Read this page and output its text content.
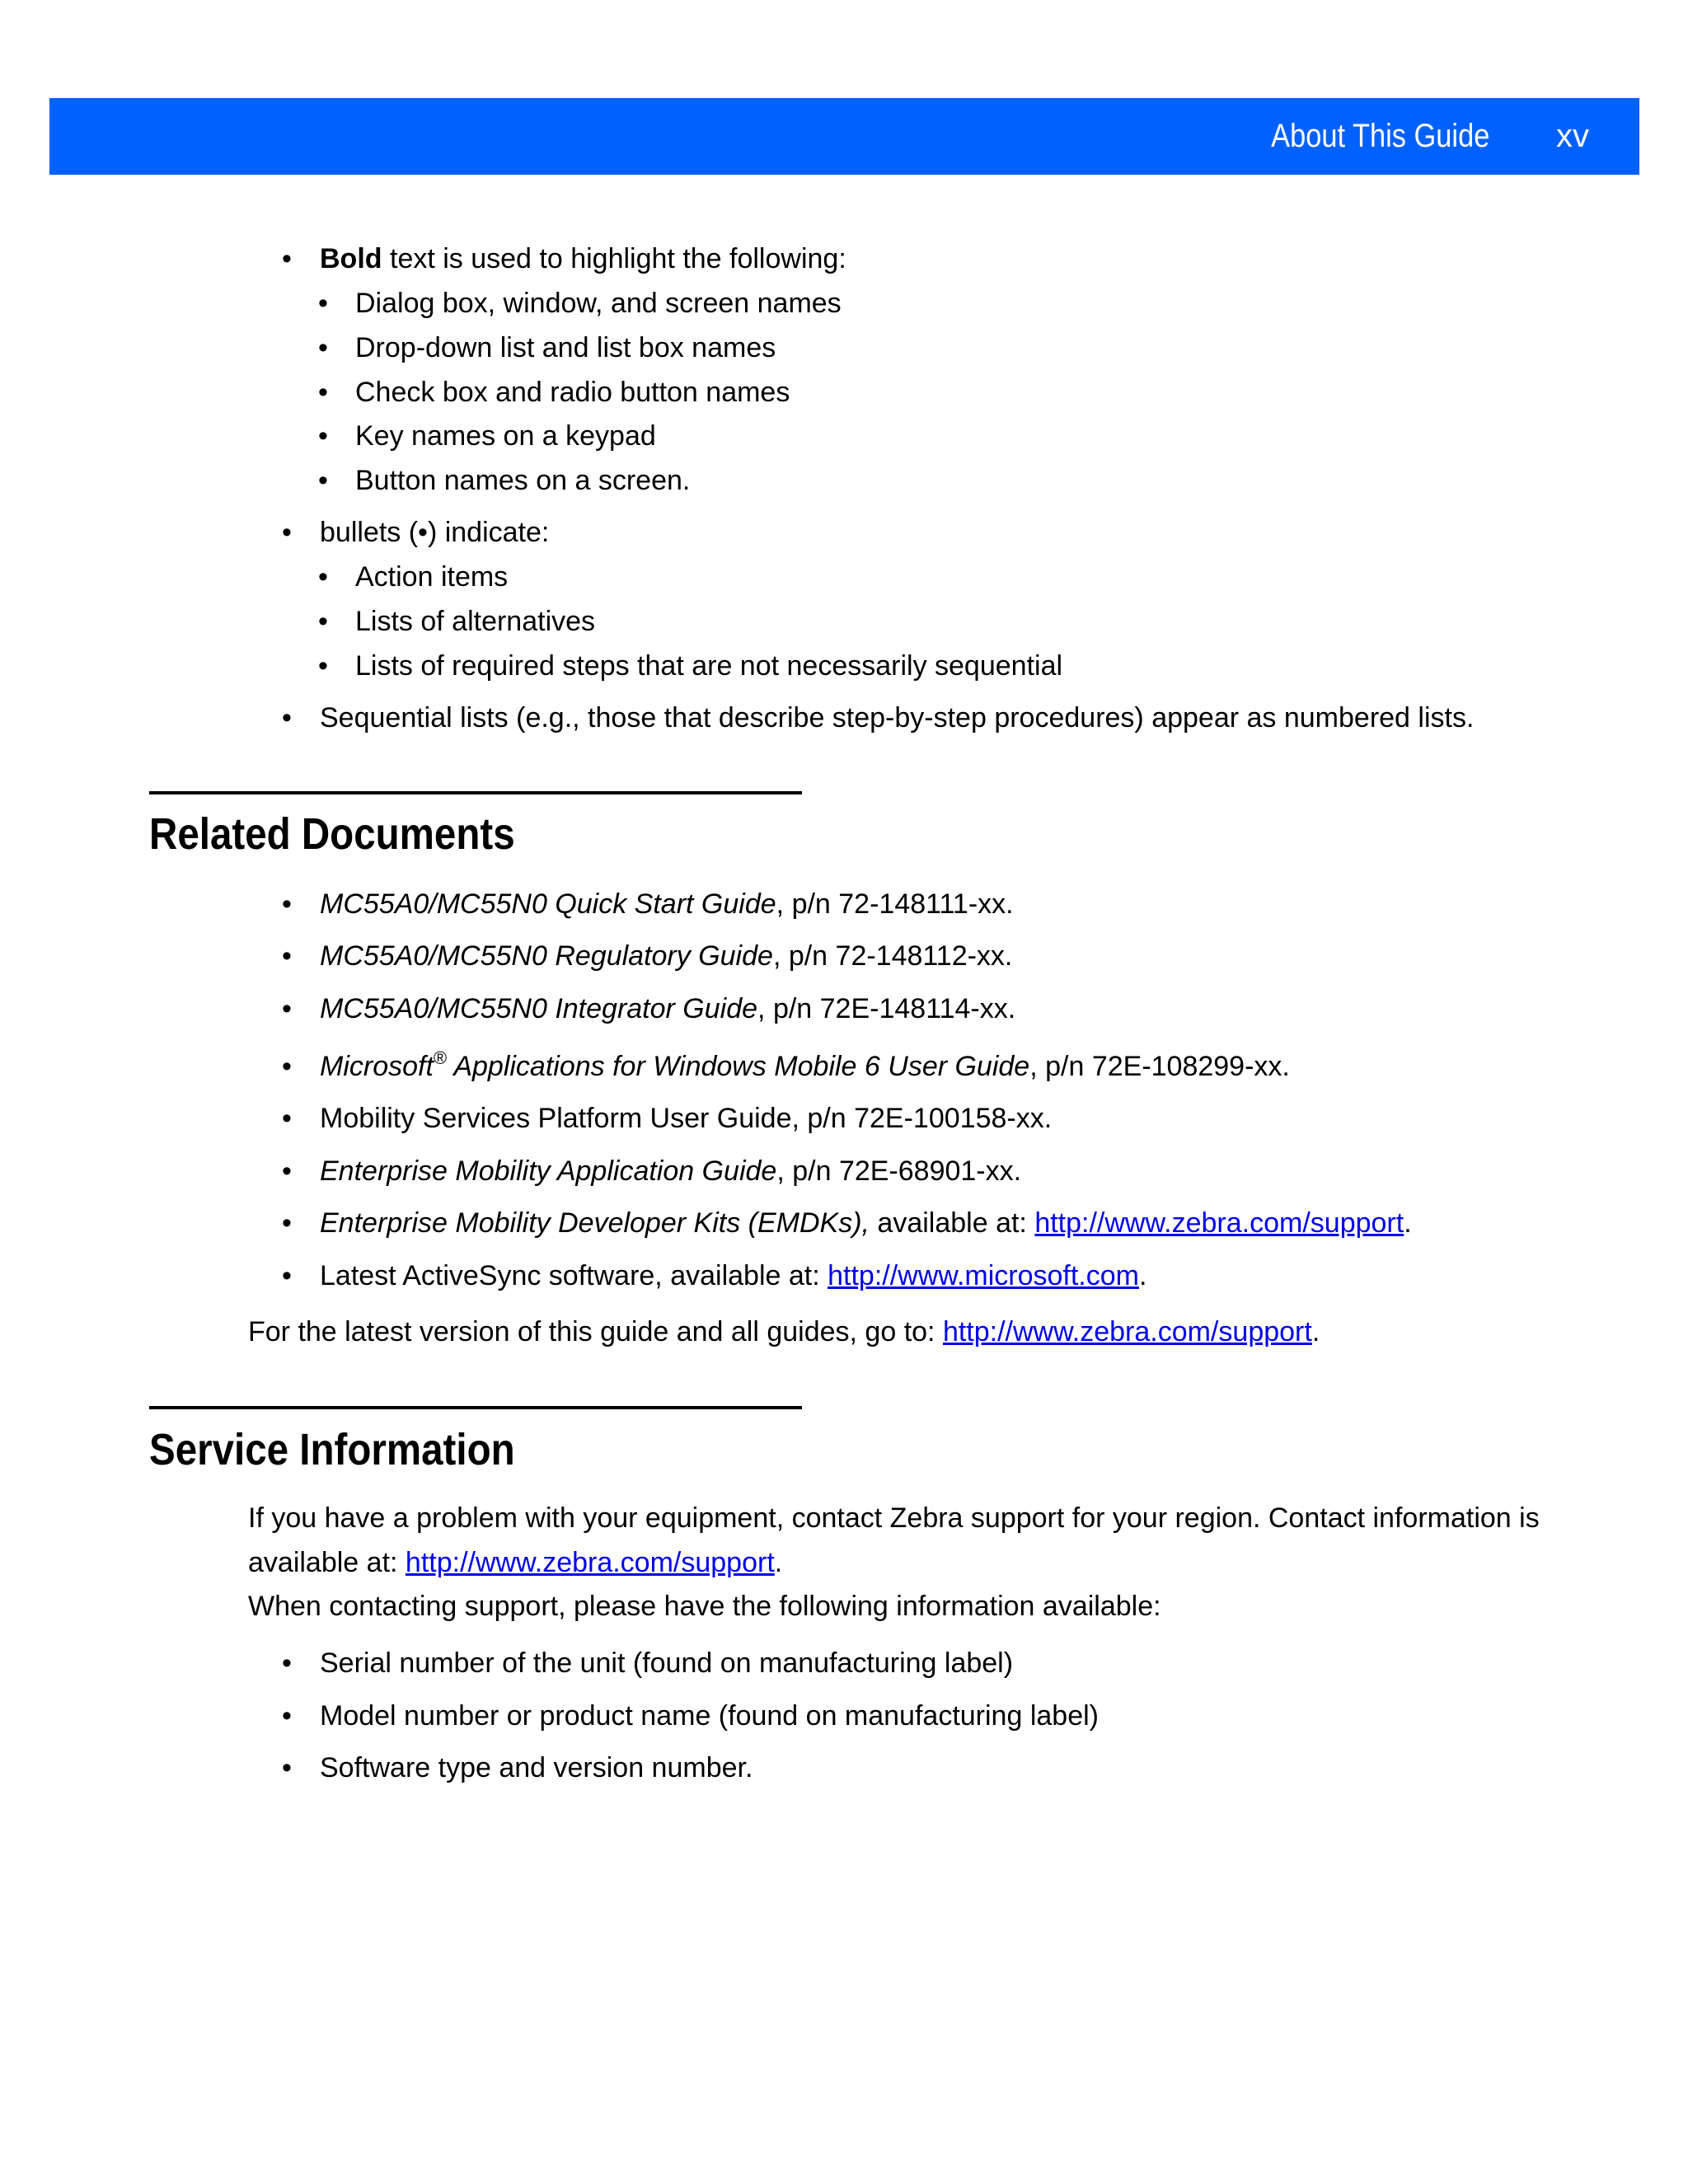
About This Guide xv
• Bold text is used to highlight the following:
• Dialog box, window, and screen names
• Drop-down list and list box names
• Check box and radio button names
• Key names on a keypad
• Button names on a screen.
• bullets (•) indicate:
• Action items
• Lists of alternatives
• Lists of required steps that are not necessarily sequential
• Sequential lists (e.g., those that describe step-by-step procedures) appear as numbered lists.
Related Documents
• MC55A0/MC55N0 Quick Start Guide, p/n 72-148111-xx.
• MC55A0/MC55N0 Regulatory Guide, p/n 72-148112-xx.
• MC55A0/MC55N0 Integrator Guide, p/n 72E-148114-xx.
• Microsoft® Applications for Windows Mobile 6 User Guide, p/n 72E-108299-xx.
• Mobility Services Platform User Guide, p/n 72E-100158-xx.
• Enterprise Mobility Application Guide, p/n 72E-68901-xx.
• Enterprise Mobility Developer Kits (EMDKs), available at: http://www.zebra.com/support.
• Latest ActiveSync software, available at: http://www.microsoft.com.
For the latest version of this guide and all guides, go to: http://www.zebra.com/support.
Service Information
If you have a problem with your equipment, contact Zebra support for your region. Contact information is
available at: http://www.zebra.com/support.
When contacting support, please have the following information available:
• Serial number of the unit (found on manufacturing label)
• Model number or product name (found on manufacturing label)
• Software type and version number.
